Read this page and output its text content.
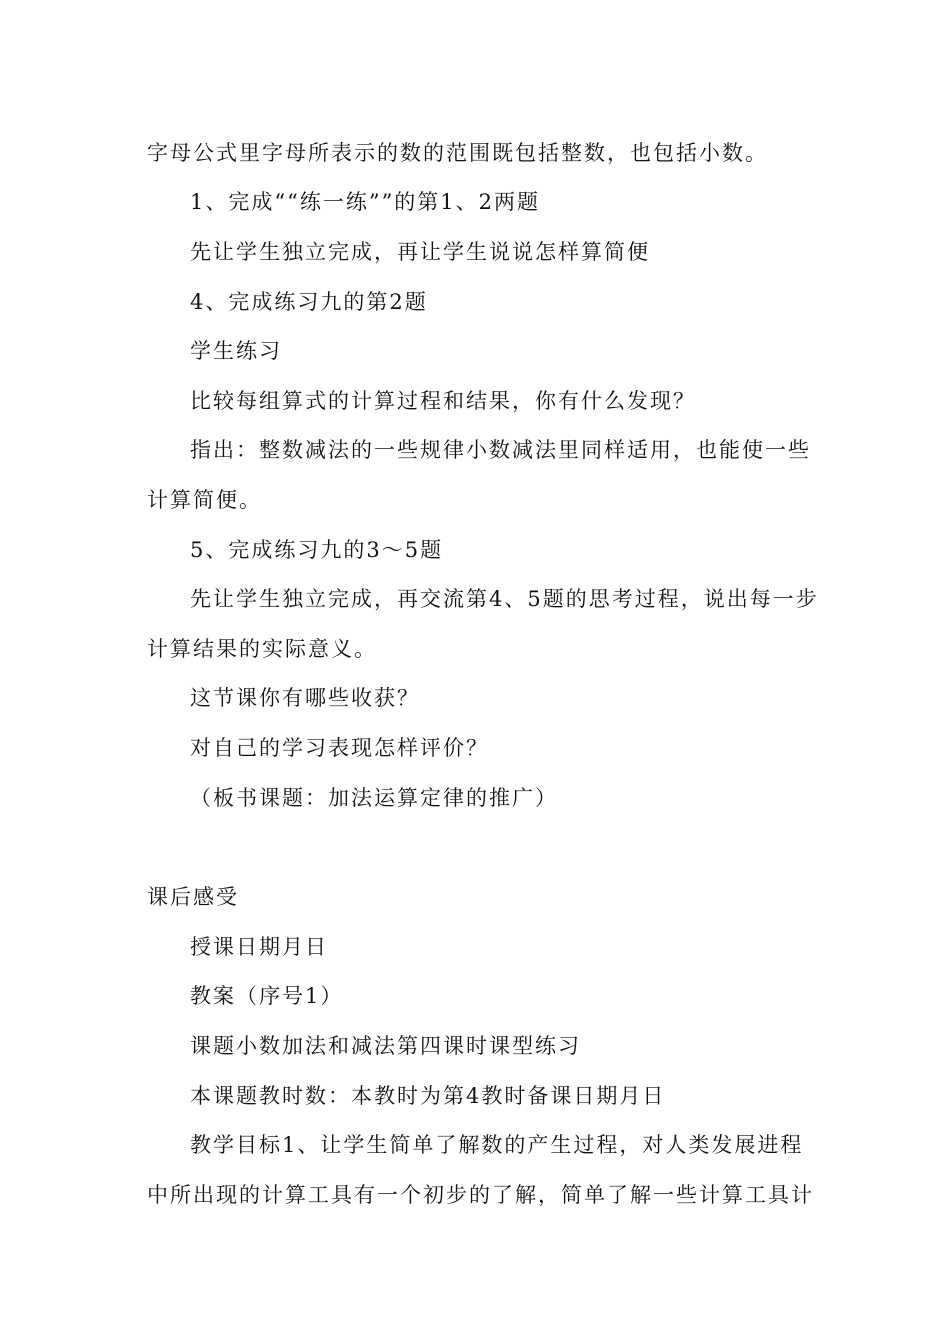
字母公式里字母所表示的数的范围既包括整数，也包括小数。
1、完成““练一练””的第1、2两题
先让学生独立完成，再让学生说说怎样算简便
4、完成练习九的第2题
学生练习
比较每组算式的计算过程和结果，你有什么发现？
指出：整数减法的一些规律小数减法里同样适用，也能使一些
计算简便。
5、完成练习九的3～5题
先让学生独立完成，再交流第4、5题的思考过程，说出每一步
计算结果的实际意义。
这节课你有哪些收获？
对自己的学习表现怎样评价？
（板书课题：加法运算定律的推广）
课后感受
授课日期月日
教案（序号1）
课题小数加法和减法第四课时课型练习
本课题教时数：本教时为第4教时备课日期月日
教学目标1、让学生简单了解数的产生过程，对人类发展进程
中所出现的计算工具有一个初步的了解，简单了解一些计算工具计
